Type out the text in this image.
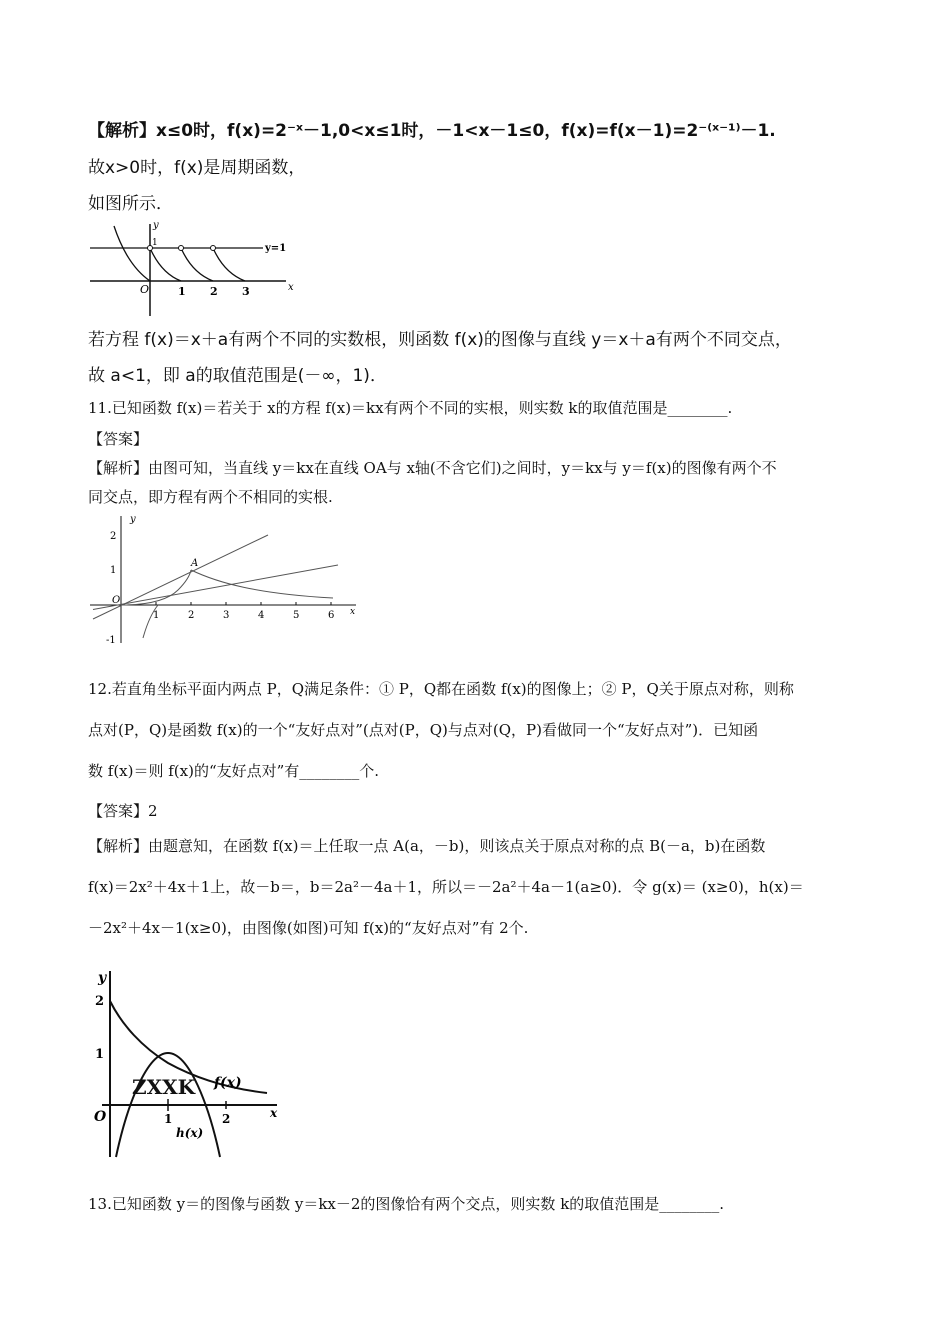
【解析】x≤0时，f(x)=2⁻ˣ－1,0<x≤1时，－1<x－1≤0，f(x)=f(x－1)=2⁻⁽ˣ⁻¹⁾－1.
故x>0时，f(x)是周期函数，
如图所示．
y
x
O
1	y=1
1 2 3
若方程 f(x)＝x＋a有两个不同的实数根，则函数 f(x)的图像与直线 y＝x＋a有两个不同交点，
故 a<1，即 a的取值范围是(－∞，1)．
11.已知函数 f(x)＝若关于 x的方程 f(x)＝kx有两个不同的实根，则实数 k的取值范围是________.
【答案】
【解析】由图可知，当直线 y＝kx在直线 OA与 x轴(不含它们)之间时，y＝kx与 y＝f(x)的图像有两个不
同交点，即方程有两个不相同的实根.
y
x
O
A
2
1
-1
1	2	3	4	5	6
12.若直角坐标平面内两点 P，Q满足条件：① P，Q都在函数 f(x)的图像上；② P，Q关于原点对称，则称
点对(P，Q)是函数 f(x)的一个“友好点对”(点对(P，Q)与点对(Q，P)看做同一个“友好点对”)．已知函
数 f(x)＝则 f(x)的“友好点对”有________个.
【答案】2
【解析】由题意知，在函数 f(x)＝上任取一点 A(a，－b)，则该点关于原点对称的点 B(－a，b)在函数
f(x)＝2x²＋4x＋1上，故－b＝，b＝2a²－4a＋1，所以＝－2a²＋4a－1(a≥0)．令 g(x)＝ (x≥0)，h(x)＝
－2x²＋4x－1(x≥0)，由图像(如图)可知 f(x)的“友好点对”有 2个.
y
x
O
2
1
1	2
f(x)
h(x)
ZXXK
13.已知函数 y＝的图像与函数 y＝kx－2的图像恰有两个交点，则实数 k的取值范围是________.
